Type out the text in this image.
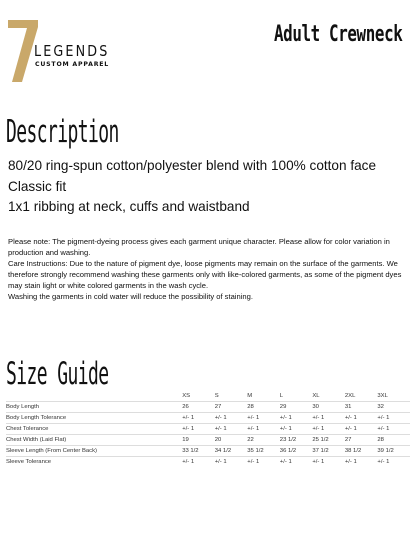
7
LEGENDS
CUSTOM APPAREL
Adult Crewneck
Description
80/20 ring-spun cotton/polyester blend with 100% cotton face
Classic fit
1x1 ribbing at neck, cuffs and waistband

Please note: The pigment-dyeing process gives each garment unique character. Please allow for color variation in production and washing.

Care Instructions: Due to the nature of pigment dye, loose pigments may remain on the surface of the garments. We therefore strongly recommend washing these garments only with like-colored garments, as some of the pigment dyes may stain light or white colored garments in the wash cycle.

Washing the garments in cold water will reduce the possibility of staining.

Size Guide
	XS	S	M	L	XL	2XL	3XL
Body Length	26	27	28	29	30	31	32
Body Length Tolerance	+/- 1	+/- 1	+/- 1	+/- 1	+/- 1	+/- 1	+/- 1
Chest Tolerance	+/- 1	+/- 1	+/- 1	+/- 1	+/- 1	+/- 1	+/- 1
Chest Width (Laid Flat)	19	20	22	23 1/2	25 1/2	27	28
Sleeve Length (From Center Back)	33 1/2	34 1/2	35 1/2	36 1/2	37 1/2	38 1/2	39 1/2
Sleeve Tolerance	+/- 1	+/- 1	+/- 1	+/- 1	+/- 1	+/- 1	+/- 1
